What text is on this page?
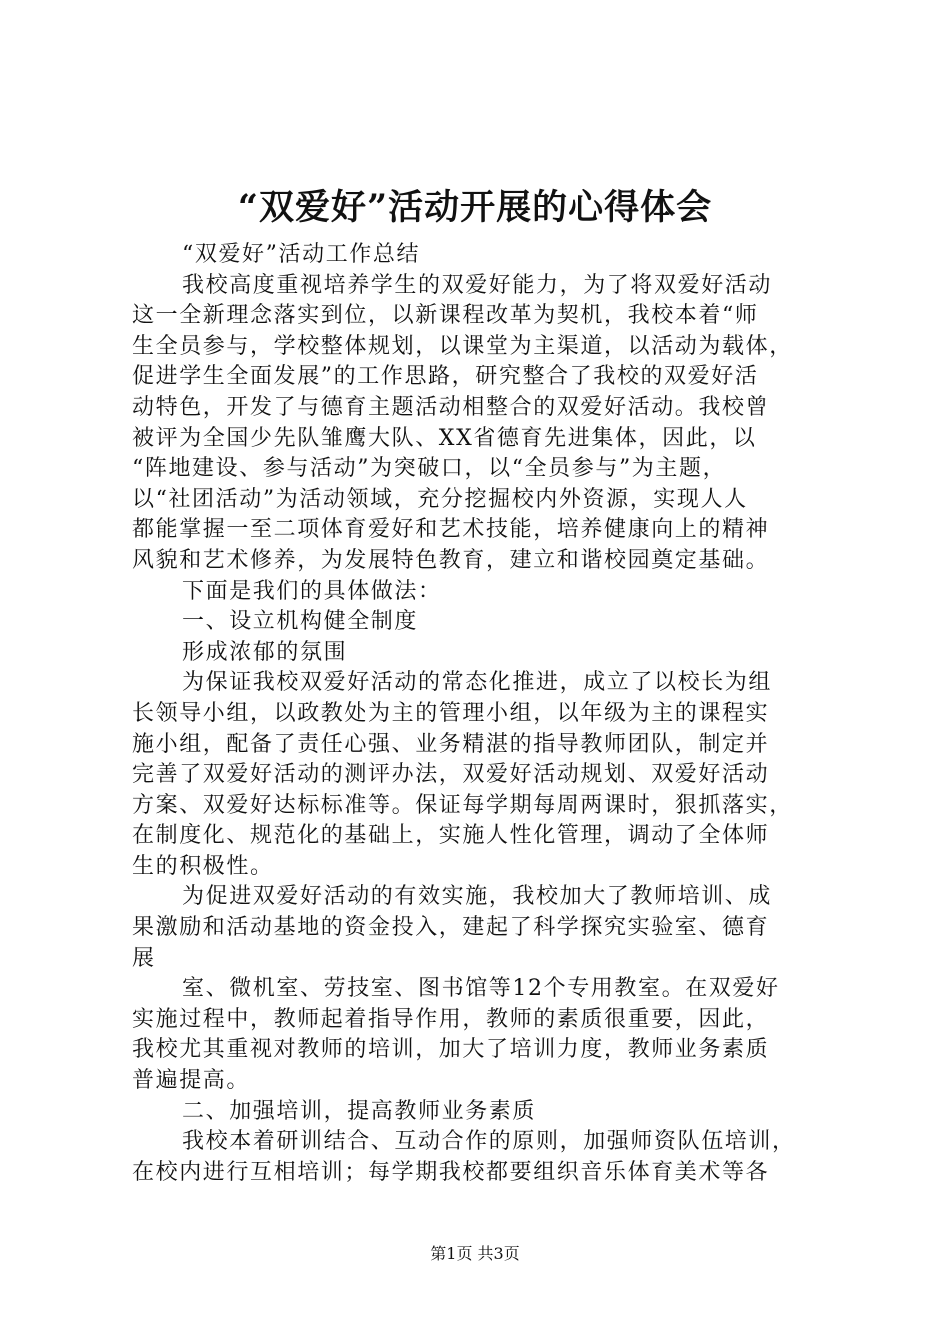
“双爱好”活动开展的心得体会
“双爱好”活动工作总结
我校高度重视培养学生的双爱好能力，为了将双爱好活动
这一全新理念落实到位，以新课程改革为契机，我校本着“师
生全员参与，学校整体规划，以课堂为主渠道，以活动为载体，
促进学生全面发展”的工作思路，研究整合了我校的双爱好活
动特色，开发了与德育主题活动相整合的双爱好活动。我校曾
被评为全国少先队雏鹰大队、XX省德育先进集体，因此，以
“阵地建设、参与活动”为突破口，以“全员参与”为主题，
以“社团活动”为活动领域，充分挖掘校内外资源，实现人人
都能掌握一至二项体育爱好和艺术技能，培养健康向上的精神
风貌和艺术修养，为发展特色教育，建立和谐校园奠定基础。
下面是我们的具体做法：
一、设立机构健全制度
形成浓郁的氛围
为保证我校双爱好活动的常态化推进，成立了以校长为组
长领导小组，以政教处为主的管理小组，以年级为主的课程实
施小组，配备了责任心强、业务精湛的指导教师团队，制定并
完善了双爱好活动的测评办法，双爱好活动规划、双爱好活动
方案、双爱好达标标准等。保证每学期每周两课时，狠抓落实，
在制度化、规范化的基础上，实施人性化管理，调动了全体师
生的积极性。
为促进双爱好活动的有效实施，我校加大了教师培训、成
果激励和活动基地的资金投入，建起了科学探究实验室、德育
展
室、微机室、劳技室、图书馆等12个专用教室。在双爱好
实施过程中，教师起着指导作用，教师的素质很重要，因此，
我校尤其重视对教师的培训，加大了培训力度，教师业务素质
普遍提高。
二、加强培训，提高教师业务素质
我校本着研训结合、互动合作的原则，加强师资队伍培训，
在校内进行互相培训；每学期我校都要组织音乐体育美术等各
第1页 共3页
